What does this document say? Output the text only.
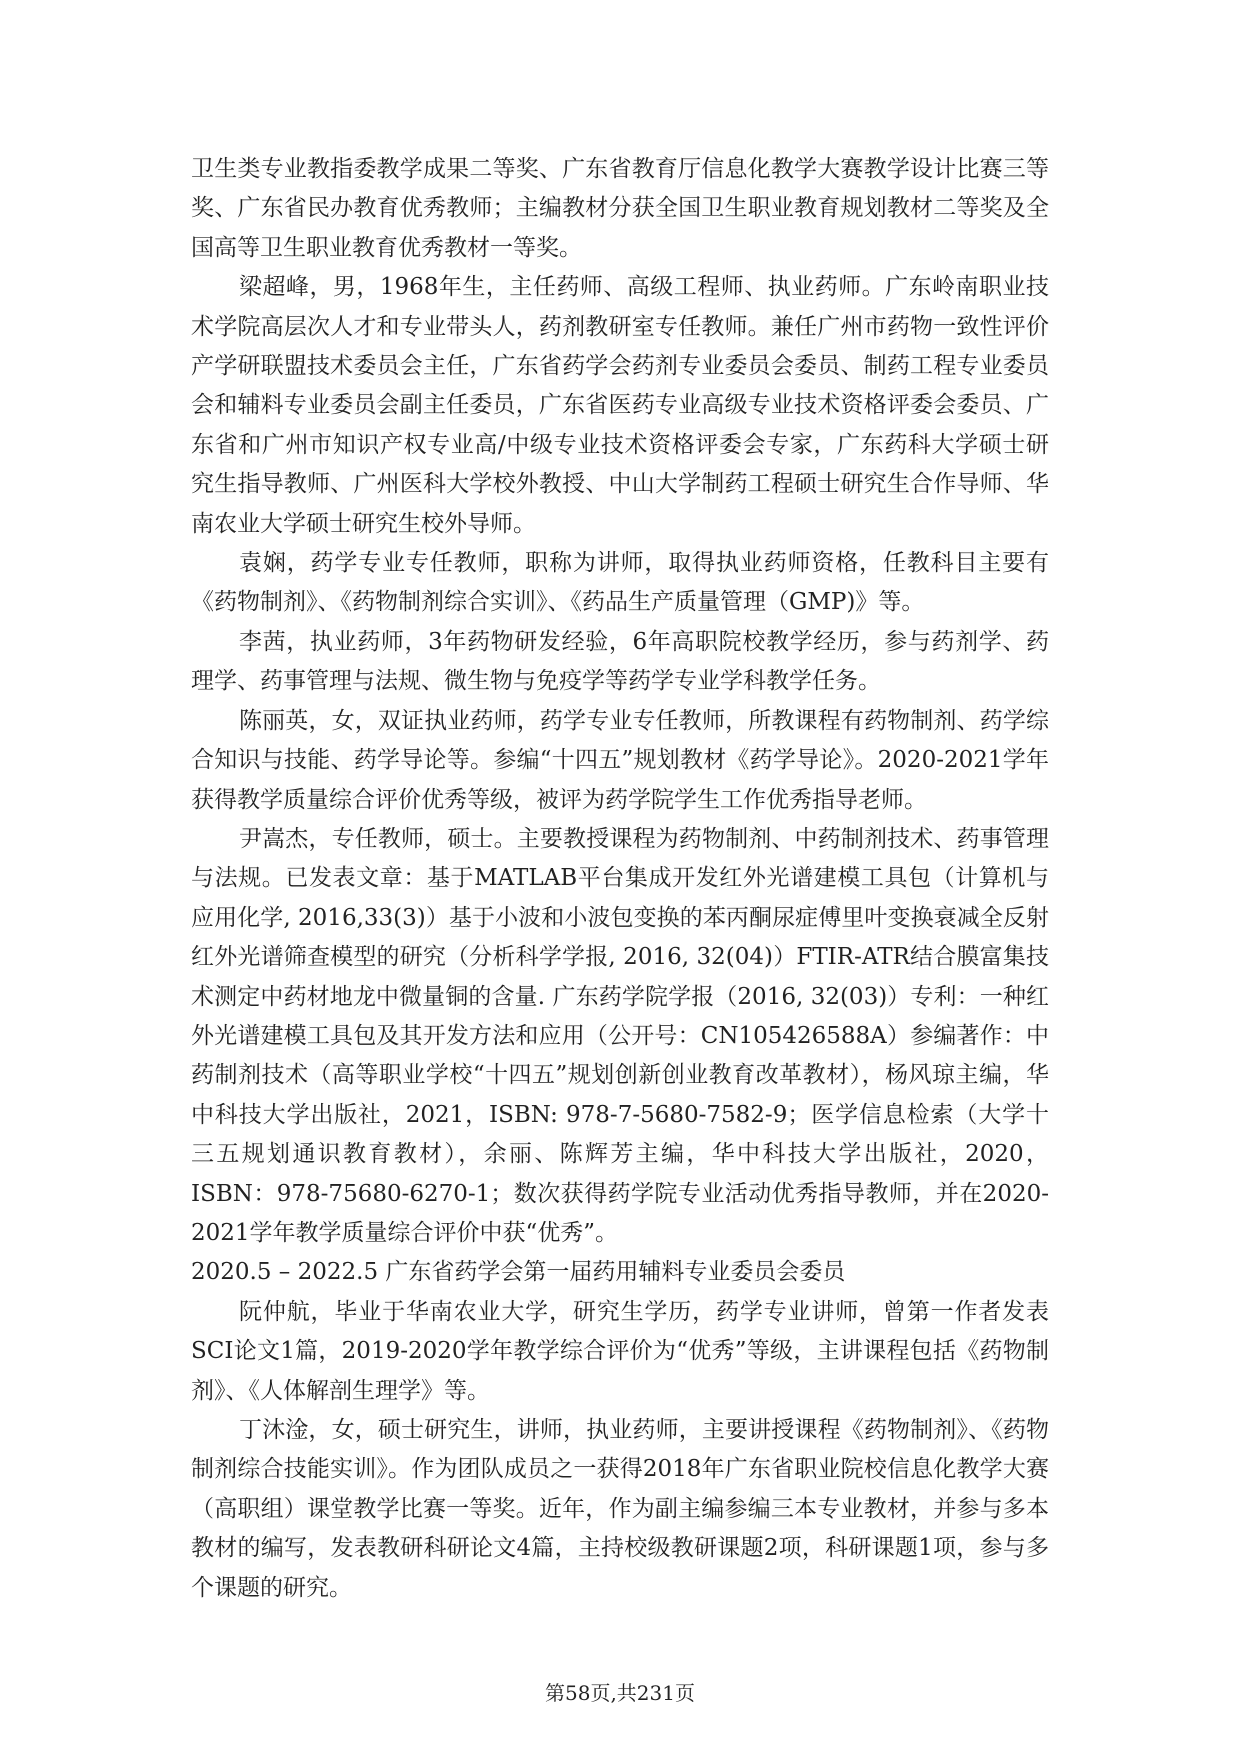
卫生类专业教指委教学成果二等奖、广东省教育厅信息化教学大赛教学设计比赛三等奖、广东省民办教育优秀教师；主编教材分获全国卫生职业教育规划教材二等奖及全国高等卫生职业教育优秀教材一等奖。

梁超峰，男，1968年生，主任药师、高级工程师、执业药师。广东岭南职业技术学院高层次人才和专业带头人，药剂教研室专任教师。兼任广州市药物一致性评价产学研联盟技术委员会主任，广东省药学会药剂专业委员会委员、制药工程专业委员会和辅料专业委员会副主任委员，广东省医药专业高级专业技术资格评委会委员、广东省和广州市知识产权专业高/中级专业技术资格评委会专家，广东药科大学硕士研究生指导教师、广州医科大学校外教授、中山大学制药工程硕士研究生合作导师、华南农业大学硕士研究生校外导师。

袁娴，药学专业专任教师，职称为讲师，取得执业药师资格，任教科目主要有《药物制剂》、《药物制剂综合实训》、《药品生产质量管理（GMP)》等。

李茜，执业药师，3年药物研发经验，6年高职院校教学经历，参与药剂学、药理学、药事管理与法规、微生物与免疫学等药学专业学科教学任务。

陈丽英，女，双证执业药师，药学专业专任教师，所教课程有药物制剂、药学综合知识与技能、药学导论等。参编“十四五”规划教材《药学导论》。2020-2021学年获得教学质量综合评价优秀等级，被评为药学院学生工作优秀指导老师。

尹嵩杰，专任教师，硕士。主要教授课程为药物制剂、中药制剂技术、药事管理与法规。已发表文章：基于MATLAB平台集成开发红外光谱建模工具包（计算机与应用化学, 2016,33(3)）基于小波和小波包变换的苯丙酮尿症傅里叶变换衰减全反射红外光谱筛查模型的研究（分析科学学报, 2016, 32(04)）FTIR-ATR结合膜富集技术测定中药材地龙中微量铜的含量. 广东药学院学报（2016, 32(03)）专利：一种红外光谱建模工具包及其开发方法和应用（公开号：CN105426588A）参编著作：中药制剂技术（高等职业学校“十四五”规划创新创业教育改革教材），杨风琼主编，华中科技大学出版社，2021，ISBN: 978-7-5680-7582-9；医学信息检索（大学十三五规划通识教育教材），余丽、陈辉芳主编，华中科技大学出版社，2020，ISBN：978-75680-6270-1；数次获得药学院专业活动优秀指导教师，并在2020-2021学年教学质量综合评价中获“优秀”。

2020.5 – 2022.5 广东省药学会第一届药用辅料专业委员会委员

阮仲航，毕业于华南农业大学，研究生学历，药学专业讲师，曾第一作者发表SCI论文1篇，2019-2020学年教学综合评价为“优秀”等级，主讲课程包括《药物制剂》、《人体解剖生理学》等。

丁沐淦，女，硕士研究生，讲师，执业药师，主要讲授课程《药物制剂》、《药物制剂综合技能实训》。作为团队成员之一获得2018年广东省职业院校信息化教学大赛（高职组）课堂教学比赛一等奖。近年，作为副主编参编三本专业教材，并参与多本教材的编写，发表教研科研论文4篇，主持校级教研课题2项，科研课题1项，参与多个课题的研究。

第58页,共231页
